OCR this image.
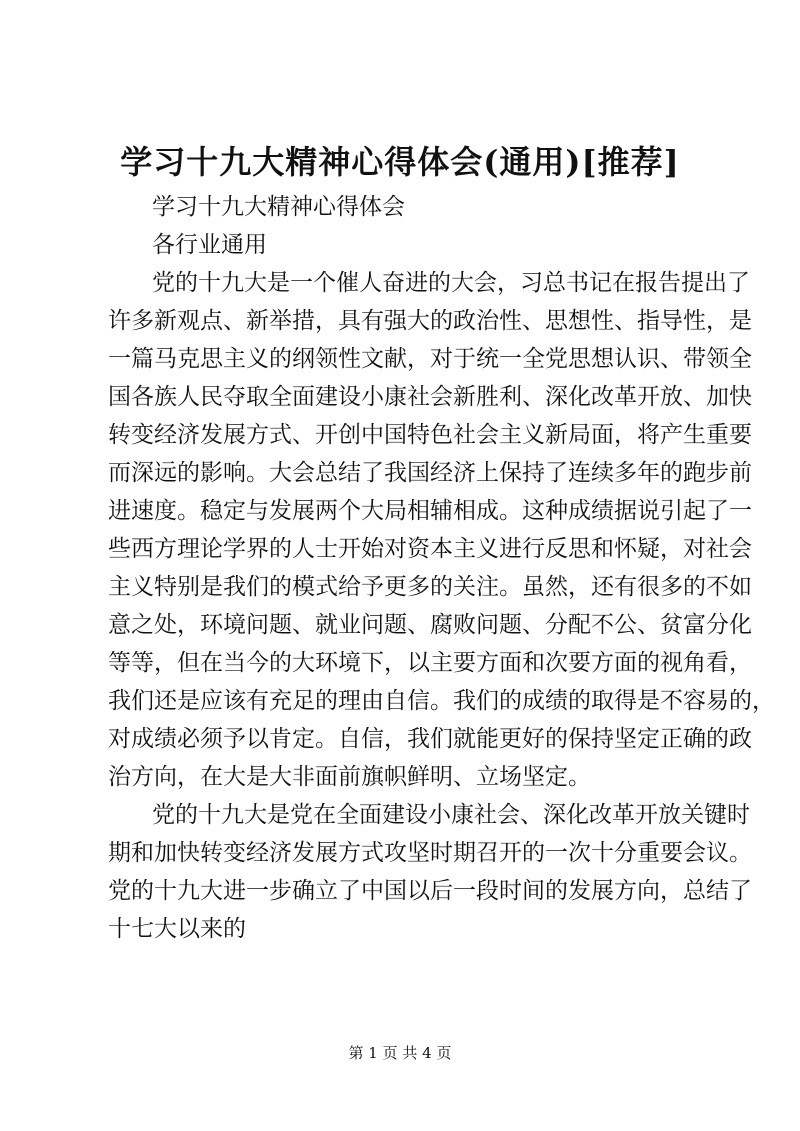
学习十九大精神心得体会(通用)[推荐]
学习十九大精神心得体会
各行业通用
党的十九大是一个催人奋进的大会，习总书记在报告提出了
许多新观点、新举措，具有强大的政治性、思想性、指导性，是
一篇马克思主义的纲领性文献，对于统一全党思想认识、带领全
国各族人民夺取全面建设小康社会新胜利、深化改革开放、加快
转变经济发展方式、开创中国特色社会主义新局面，将产生重要
而深远的影响。大会总结了我国经济上保持了连续多年的跑步前
进速度。稳定与发展两个大局相辅相成。这种成绩据说引起了一
些西方理论学界的人士开始对资本主义进行反思和怀疑，对社会
主义特别是我们的模式给予更多的关注。虽然，还有很多的不如
意之处，环境问题、就业问题、腐败问题、分配不公、贫富分化
等等，但在当今的大环境下，以主要方面和次要方面的视角看，
我们还是应该有充足的理由自信。我们的成绩的取得是不容易的，
对成绩必须予以肯定。自信，我们就能更好的保持坚定正确的政
治方向，在大是大非面前旗帜鲜明、立场坚定。
党的十九大是党在全面建设小康社会、深化改革开放关键时
期和加快转变经济发展方式攻坚时期召开的一次十分重要会议。
党的十九大进一步确立了中国以后一段时间的发展方向，总结了
十七大以来的
第 1 页 共 4 页
